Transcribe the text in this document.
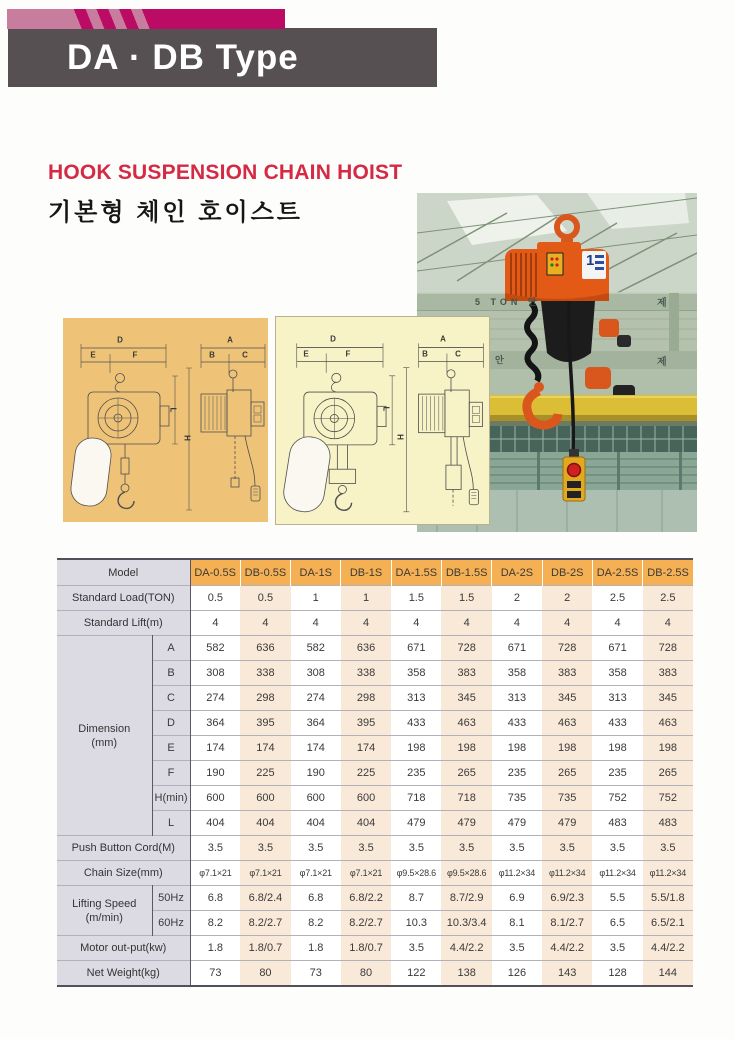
DA · DB Type
HOOK SUSPENSION CHAIN HOIST
기본형 체인 호이스트
D
E	F
L
H
A
B	C
D
E	F
L
H
A
B	C
5 TON 안	제
안	제
1
Model		DA-0.5S	DB-0.5S	DA-1S	DB-1S	DA-1.5S	DB-1.5S	DA-2S	DB-2S	DA-2.5S	DB-2.5S
Standard Load(TON)		0.5	0.5	1	1	1.5	1.5	2	2	2.5	2.5
Standard Lift(m)		4	4	4	4	4	4	4	4	4	4

Dimension
(mm)	A	582	636	582	636	671	728	671	728	671	728
	B	308	338	308	338	358	383	358	383	358	383
	C	274	298	274	298	313	345	313	345	313	345
	D	364	395	364	395	433	463	433	463	433	463
	E	174	174	174	174	198	198	198	198	198	198
	F	190	225	190	225	235	265	235	265	235	265
	H(min)	600	600	600	600	718	718	735	735	752	752
	L	404	404	404	404	479	479	479	479	483	483
Push Button Cord(M)		3.5	3.5	3.5	3.5	3.5	3.5	3.5	3.5	3.5	3.5
Chain Size(mm)		φ7.1×21	φ7.1×21	φ7.1×21	φ7.1×21	φ9.5×28.6	φ9.5×28.6	φ11.2×34	φ11.2×34	φ11.2×34	φ11.2×34

Lifting Speed
(m/min)	50Hz	6.8	6.8/2.4	6.8	6.8/2.2	8.7	8.7/2.9	6.9	6.9/2.3	5.5	5.5/1.8
	60Hz	8.2	8.2/2.7	8.2	8.2/2.7	10.3	10.3/3.4	8.1	8.1/2.7	6.5	6.5/2.1
Motor out-put(kw)		1.8	1.8/0.7	1.8	1.8/0.7	3.5	4.4/2.2	3.5	4.4/2.2	3.5	4.4/2.2
Net Weight(kg)		73	80	73	80	122	138	126	143	128	144
